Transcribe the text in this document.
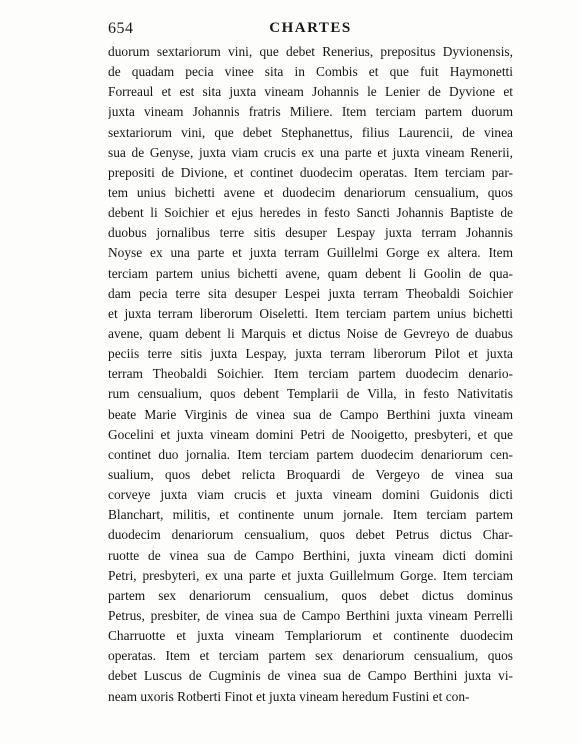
654	CHARTES
duorum sextariorum vini, que debet Renerius, prepositus Dyvionensis,
de quadam pecia vinee sita in Combis et que fuit Haymonetti
Forreaul et est sita juxta vineam Johannis le Lenier de Dyvione et
juxta vineam Johannis fratris Miliere. Item terciam partem duorum
sextariorum vini, que debet Stephanettus, filius Laurencii, de vinea
sua de Genyse, juxta viam crucis ex una parte et juxta vineam Renerii,
prepositi de Divione, et continet duodecim operatas. Item terciam par-
tem unius bichetti avene et duodecim denariorum censualium, quos
debent li Soichier et ejus heredes in festo Sancti Johannis Baptiste de
duobus jornalibus terre sitis desuper Lespay juxta terram Johannis
Noyse ex una parte et juxta terram Guillelmi Gorge ex altera. Item
terciam partem unius bichetti avene, quam debent li Goolin de qua-
dam pecia terre sita desuper Lespei juxta terram Theobaldi Soichier
et juxta terram liberorum Oiseletti. Item terciam partem unius bichetti
avene, quam debent li Marquis et dictus Noise de Gevreyo de duabus
peciis terre sitis juxta Lespay, juxta terram liberorum Pilot et juxta
terram Theobaldi Soichier. Item terciam partem duodecim denario-
rum censualium, quos debent Templarii de Villa, in festo Nativitatis
beate Marie Virginis de vinea sua de Campo Berthini juxta vineam
Gocelini et juxta vineam domini Petri de Nooigetto, presbyteri, et que
continet duo jornalia. Item terciam partem duodecim denariorum cen-
sualium, quos debet relicta Broquardi de Vergeyo de vinea sua
corveye juxta viam crucis et juxta vineam domini Guidonis dicti
Blanchart, militis, et continente unum jornale. Item terciam partem
duodecim denariorum censualium, quos debet Petrus dictus Char-
ruotte de vinea sua de Campo Berthini, juxta vineam dicti domini
Petri, presbyteri, ex una parte et juxta Guillelmum Gorge. Item terciam
partem sex denariorum censualium, quos debet dictus dominus
Petrus, presbiter, de vinea sua de Campo Berthini juxta vineam Perrelli
Charruotte et juxta vineam Templariorum et continente duodecim
operatas. Item et terciam partem sex denariorum censualium, quos
debet Luscus de Cugminis de vinea sua de Campo Berthini juxta vi-
neam uxoris Rotberti Finot et juxta vineam heredum Fustini et con-
